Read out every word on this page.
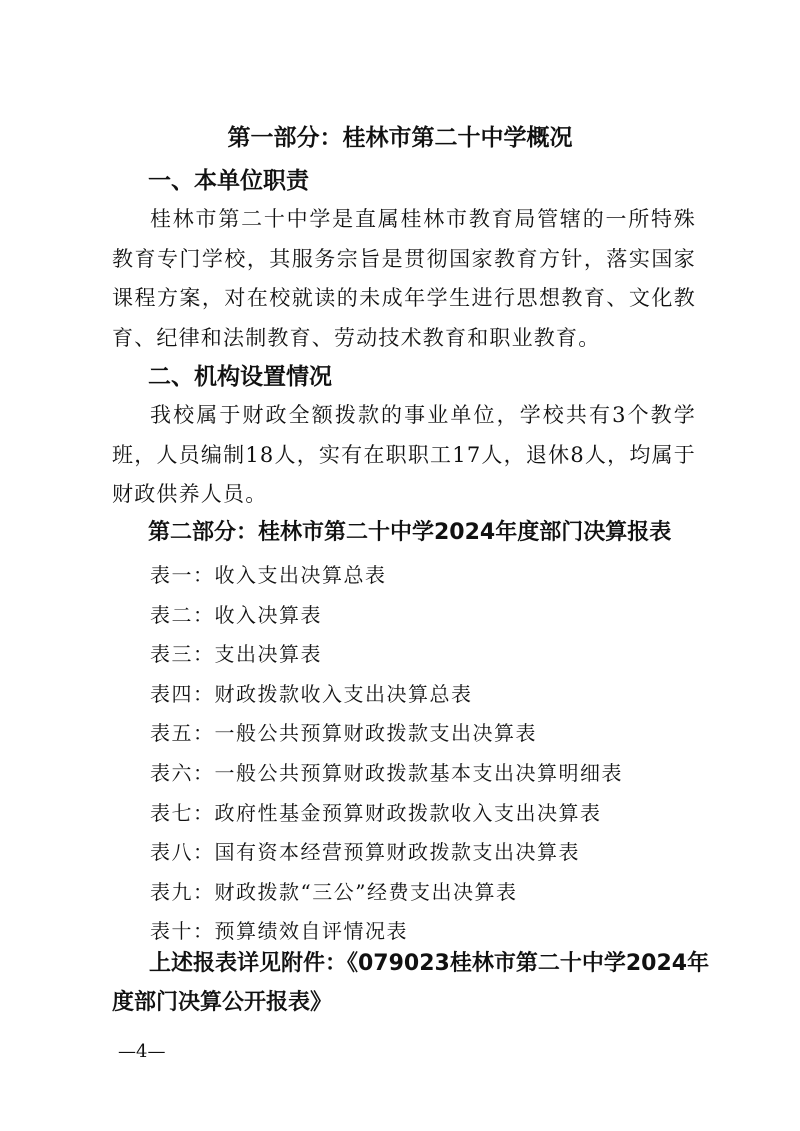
第一部分：桂林市第二十中学概况
一、本单位职责
桂林市第二十中学是直属桂林市教育局管辖的一所特殊教育专门学校，其服务宗旨是贯彻国家教育方针，落实国家课程方案，对在校就读的未成年学生进行思想教育、文化教育、纪律和法制教育、劳动技术教育和职业教育。
二、机构设置情况
我校属于财政全额拨款的事业单位，学校共有3个教学班，人员编制18人，实有在职职工17人，退休8人，均属于财政供养人员。
第二部分：桂林市第二十中学2024年度部门决算报表
表一：收入支出决算总表
表二：收入决算表
表三：支出决算表
表四：财政拨款收入支出决算总表
表五：一般公共预算财政拨款支出决算表
表六：一般公共预算财政拨款基本支出决算明细表
表七：政府性基金预算财政拨款收入支出决算表
表八：国有资本经营预算财政拨款支出决算表
表九：财政拨款“三公”经费支出决算表
表十：预算绩效自评情况表
上述报表详见附件：《079023桂林市第二十中学2024年度部门决算公开报表》
—4—
